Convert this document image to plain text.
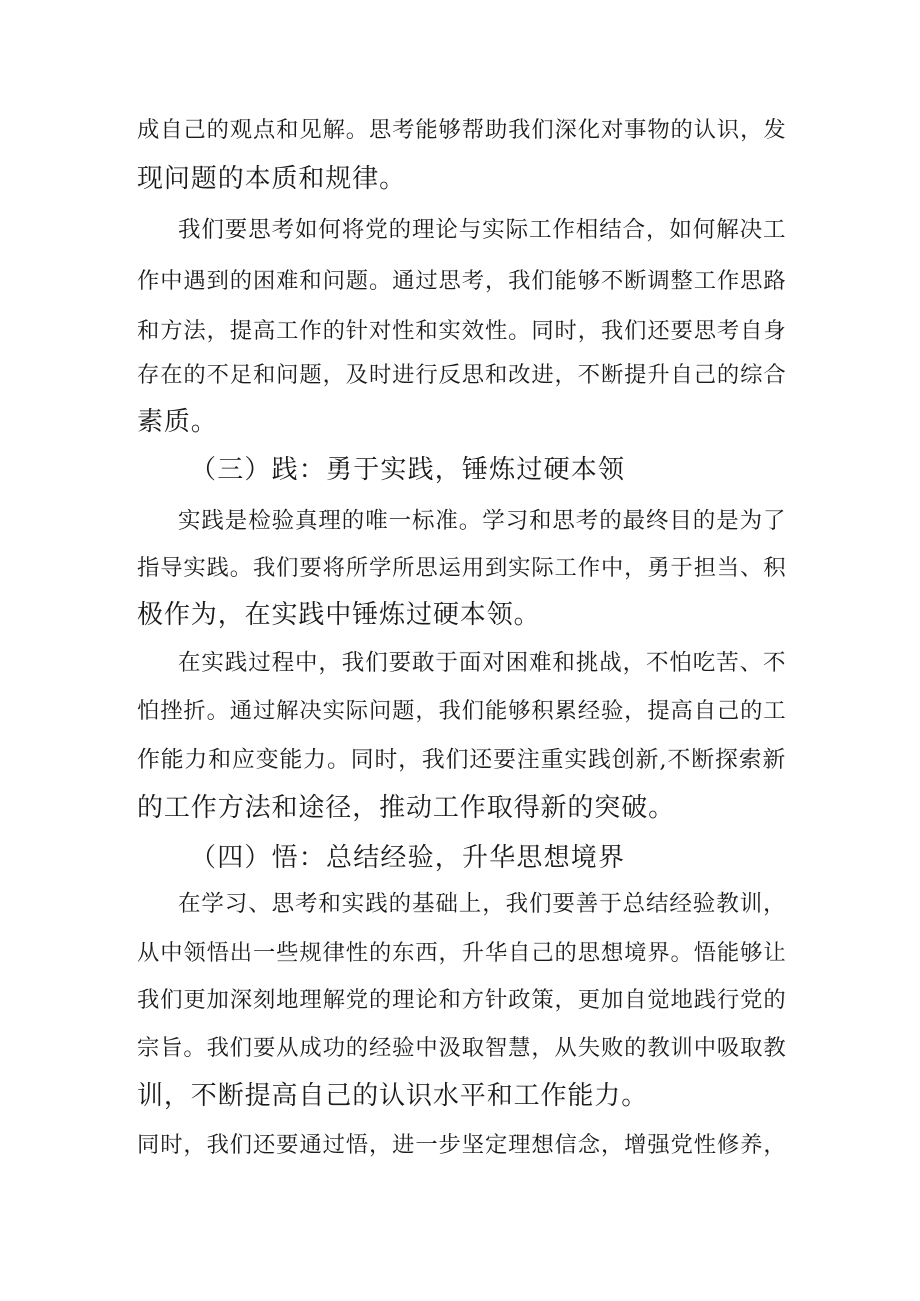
成自己的观点和见解。思考能够帮助我们深化对事物的认识，发
现问题的本质和规律。
我们要思考如何将党的理论与实际工作相结合，如何解决工
作中遇到的困难和问题。通过思考，我们能够不断调整工作思路
和方法，提高工作的针对性和实效性。同时，我们还要思考自身
存在的不足和问题，及时进行反思和改进，不断提升自己的综合
素质。
（三）践：勇于实践，锤炼过硬本领
实践是检验真理的唯一标准。学习和思考的最终目的是为了
指导实践。我们要将所学所思运用到实际工作中，勇于担当、积
极作为，在实践中锤炼过硬本领。
在实践过程中，我们要敢于面对困难和挑战，不怕吃苦、不
怕挫折。通过解决实际问题，我们能够积累经验，提高自己的工
作能力和应变能力。同时，我们还要注重实践创新,不断探索新
的工作方法和途径，推动工作取得新的突破。
（四）悟：总结经验，升华思想境界
在学习、思考和实践的基础上，我们要善于总结经验教训，
从中领悟出一些规律性的东西，升华自己的思想境界。悟能够让
我们更加深刻地理解党的理论和方针政策，更加自觉地践行党的
宗旨。我们要从成功的经验中汲取智慧，从失败的教训中吸取教
训，不断提高自己的认识水平和工作能力。
同时，我们还要通过悟，进一步坚定理想信念，增强党性修养，
